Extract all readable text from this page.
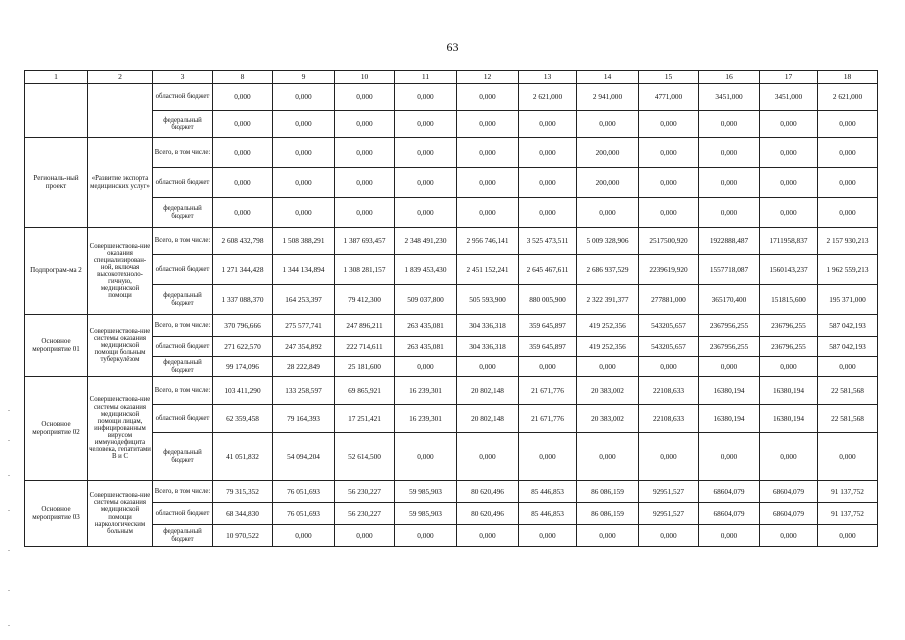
63
1	2	3	8	9	10	11	12	13	14	15	16	17	18
		областной бюджет	0,000	0,000	0,000	0,000	0,000	2 621,000	2 941,000	4771,000	3451,000	3451,000	2 621,000
		федеральный бюджет	0,000	0,000	0,000	0,000	0,000	0,000	0,000	0,000	0,000	0,000	0,000
Региональ-ный проект	«Развитие экспорта медицинских услуг»	Всего, в том числе:	0,000	0,000	0,000	0,000	0,000	0,000	200,000	0,000	0,000	0,000	0,000
		областной бюджет	0,000	0,000	0,000	0,000	0,000	0,000	200,000	0,000	0,000	0,000	0,000
		федеральный бюджет	0,000	0,000	0,000	0,000	0,000	0,000	0,000	0,000	0,000	0,000	0,000
Подпрограм-ма 2	Совершенствова-ние оказания специализирован-ной, включая высокотехноло-гичную, медицинской помощи	Всего, в том числе:	2 608 432,798	1 508 388,291	1 387 693,457	2 348 491,230	2 956 746,141	3 525 473,511	5 009 328,906	2517500,920	1922888,487	1711958,837	2 157 930,213
		областной бюджет	1 271 344,428	1 344 134,894	1 308 281,157	1 839 453,430	2 451 152,241	2 645 467,611	2 686 937,529	2239619,920	1557718,087	1560143,237	1 962 559,213
		федеральный бюджет	1 337 088,370	164 253,397	79 412,300	509 037,800	505 593,900	880 005,900	2 322 391,377	277881,000	365170,400	151815,600	195 371,000
Основное мероприятие 01	Совершенствова-ние системы оказания медицинской помощи больным туберкулёзом	Всего, в том числе:	370 796,666	275 577,741	247 896,211	263 435,081	304 336,318	359 645,897	419 252,356	543205,657	2367956,255	236796,255	587 042,193
		областной бюджет	271 622,570	247 354,892	222 714,611	263 435,081	304 336,318	359 645,897	419 252,356	543205,657	2367956,255	236796,255	587 042,193
		федеральный бюджет	99 174,096	28 222,849	25 181,600	0,000	0,000	0,000	0,000	0,000	0,000	0,000	0,000
Основное мероприятие 02	Совершенствова-ние системы оказания медицинской помощи лицам, инфицированным вирусом иммунодефицита человека, гепатитами В и С	Всего, в том числе:	103 411,290	133 258,597	69 865,921	16 239,301	20 802,148	21 671,776	20 383,002	22108,633	16380,194	16380,194	22 581,568
		областной бюджет	62 359,458	79 164,393	17 251,421	16 239,301	20 802,148	21 671,776	20 383,002	22108,633	16380,194	16380,194	22 581,568
		федеральный бюджет	41 051,832	54 094,204	52 614,500	0,000	0,000	0,000	0,000	0,000	0,000	0,000	0,000
Основное мероприятие 03	Совершенствова-ние системы оказания медицинской помощи наркологическим больным	Всего, в том числе:	79 315,352	76 051,693	56 230,227	59 985,903	80 620,496	85 446,853	86 086,159	92951,527	68604,079	68604,079	91 137,752
		областной бюджет	68 344,830	76 051,693	56 230,227	59 985,903	80 620,496	85 446,853	86 086,159	92951,527	68604,079	68604,079	91 137,752
		федеральный бюджет	10 970,522	0,000	0,000	0,000	0,000	0,000	0,000	0,000	0,000	0,000	0,000
